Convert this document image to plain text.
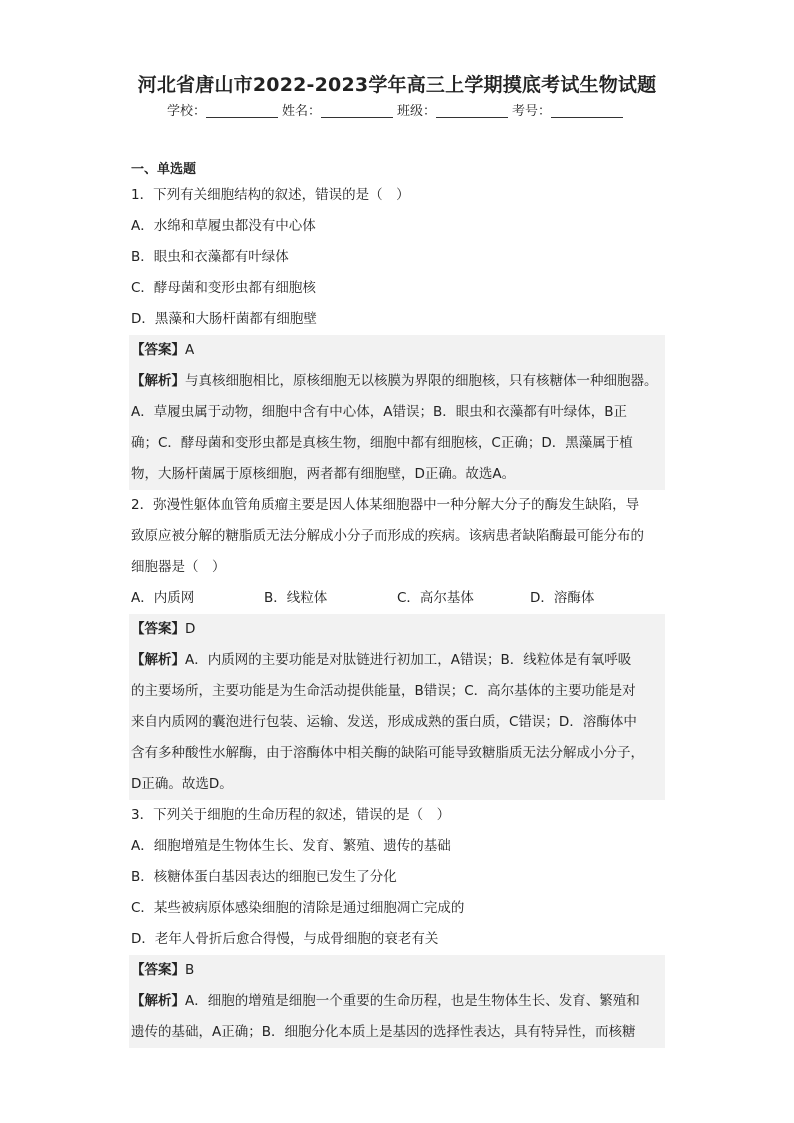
河北省唐山市2022-2023学年高三上学期摸底考试生物试题
学校：	姓名：	班级：	考号：
一、单选题
1．下列有关细胞结构的叙述，错误的是（　）
A．水绵和草履虫都没有中心体
B．眼虫和衣藻都有叶绿体
C．酵母菌和变形虫都有细胞核
D．黑藻和大肠杆菌都有细胞壁
【答案】A
【解析】与真核细胞相比，原核细胞无以核膜为界限的细胞核，只有核糖体一种细胞器。
A．草履虫属于动物，细胞中含有中心体，A错误；B．眼虫和衣藻都有叶绿体，B正
确；C．酵母菌和变形虫都是真核生物，细胞中都有细胞核，C正确；D．黑藻属于植
物，大肠杆菌属于原核细胞，两者都有细胞壁，D正确。故选A。
2．弥漫性躯体血管角质瘤主要是因人体某细胞器中一种分解大分子的酶发生缺陷，导
致原应被分解的糖脂质无法分解成小分子而形成的疾病。该病患者缺陷酶最可能分布的
细胞器是（　）
A．内质网	B．线粒体	C．高尔基体	D．溶酶体
【答案】D
【解析】A．内质网的主要功能是对肽链进行初加工，A错误；B．线粒体是有氧呼吸
的主要场所，主要功能是为生命活动提供能量，B错误；C．高尔基体的主要功能是对
来自内质网的囊泡进行包装、运输、发送，形成成熟的蛋白质，C错误；D．溶酶体中
含有多种酸性水解酶，由于溶酶体中相关酶的缺陷可能导致糖脂质无法分解成小分子，
D正确。故选D。
3．下列关于细胞的生命历程的叙述，错误的是（　）
A．细胞增殖是生物体生长、发育、繁殖、遗传的基础
B．核糖体蛋白基因表达的细胞已发生了分化
C．某些被病原体感染细胞的清除是通过细胞凋亡完成的
D．老年人骨折后愈合得慢，与成骨细胞的衰老有关
【答案】B
【解析】A．细胞的增殖是细胞一个重要的生命历程，也是生物体生长、发育、繁殖和
遗传的基础，A正确；B．细胞分化本质上是基因的选择性表达，具有特异性，而核糖
